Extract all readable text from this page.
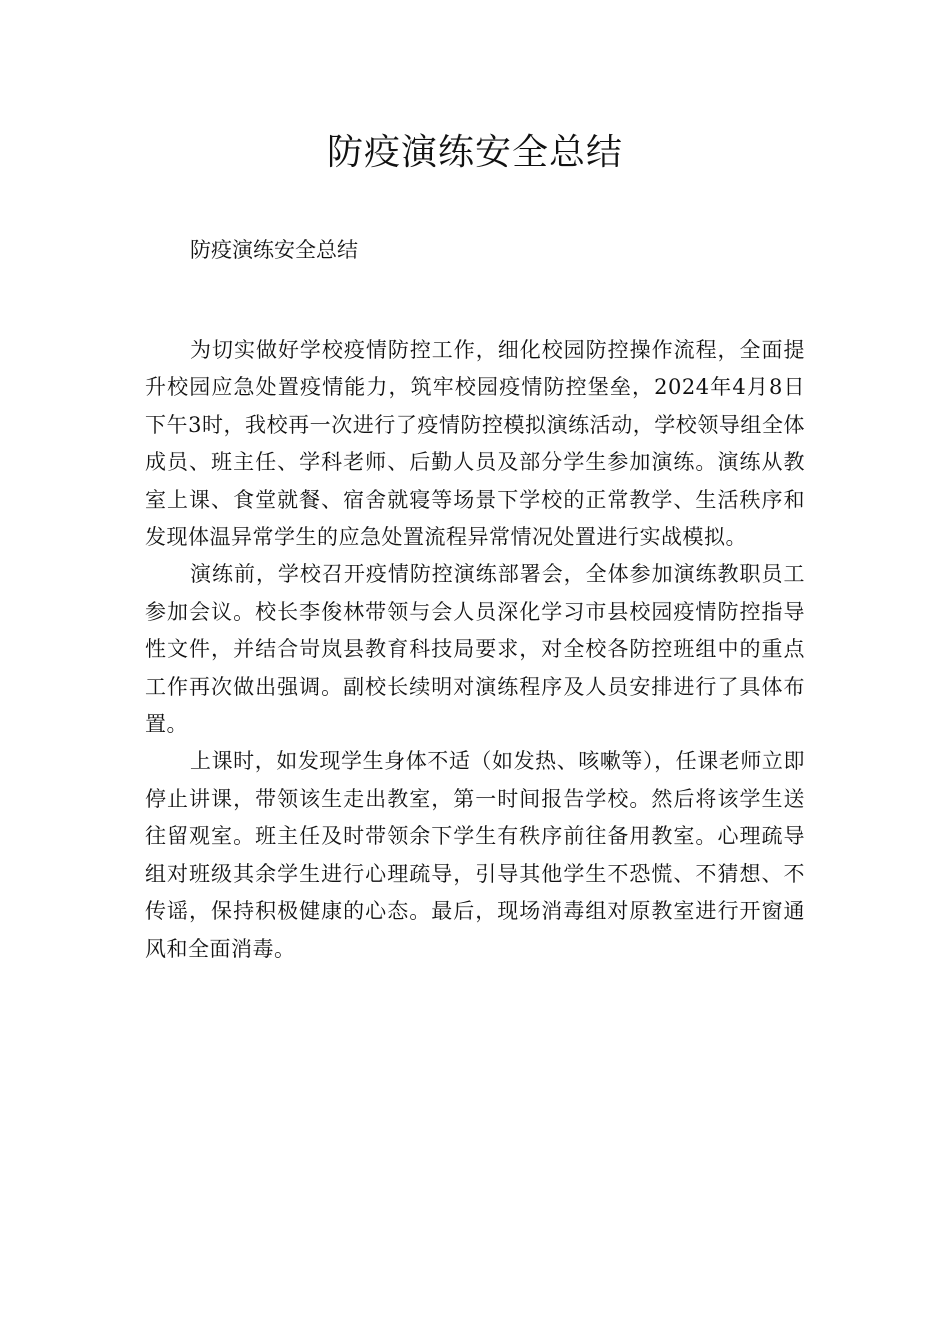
防疫演练安全总结

防疫演练安全总结

为切实做好学校疫情防控工作，细化校园防控操作流程，全面提升校园应急处置疫情能力，筑牢校园疫情防控堡垒，2024年4月8日下午3时，我校再一次进行了疫情防控模拟演练活动，学校领导组全体成员、班主任、学科老师、后勤人员及部分学生参加演练。演练从教室上课、食堂就餐、宿舍就寝等场景下学校的正常教学、生活秩序和发现体温异常学生的应急处置流程异常情况处置进行实战模拟。

演练前，学校召开疫情防控演练部署会，全体参加演练教职员工参加会议。校长李俊林带领与会人员深化学习市县校园疫情防控指导性文件，并结合岢岚县教育科技局要求，对全校各防控班组中的重点工作再次做出强调。副校长续明对演练程序及人员安排进行了具体布置。

上课时，如发现学生身体不适（如发热、咳嗽等），任课老师立即停止讲课，带领该生走出教室，第一时间报告学校。然后将该学生送往留观室。班主任及时带领余下学生有秩序前往备用教室。心理疏导组对班级其余学生进行心理疏导，引导其他学生不恐慌、不猜想、不传谣，保持积极健康的心态。最后，现场消毒组对原教室进行开窗通风和全面消毒。
